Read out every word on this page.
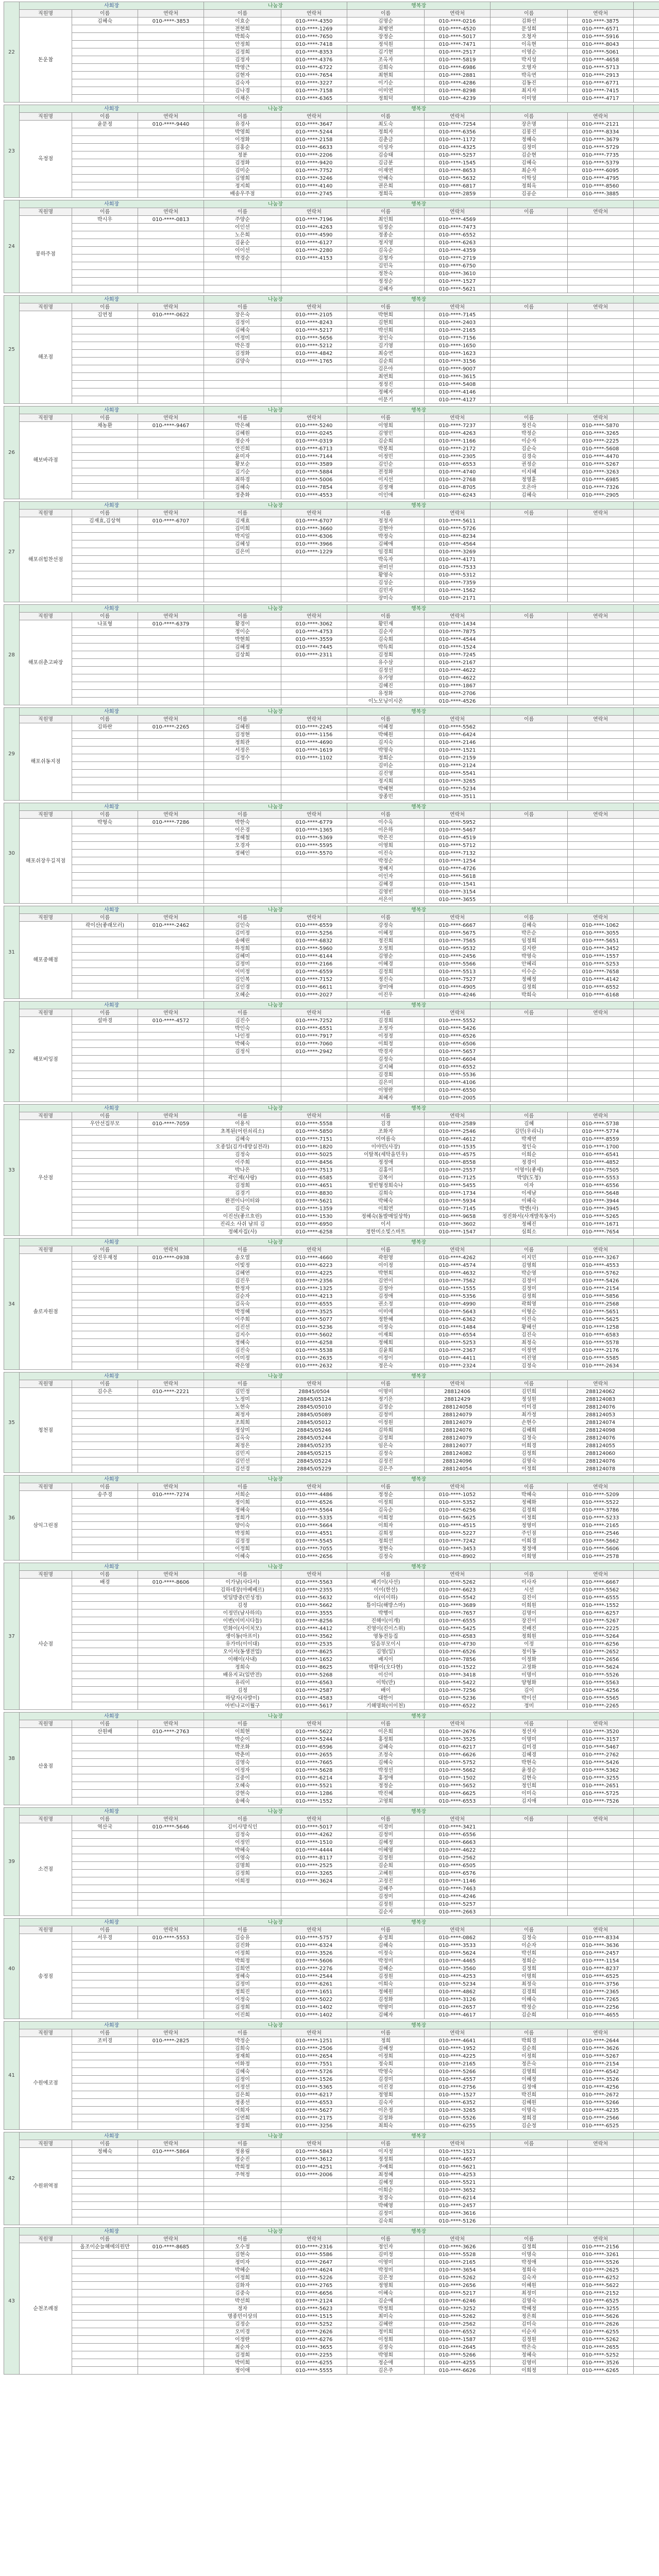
22	사회장			나눔장		행복장					
	직원명	이름	연락처	이름	연락처	이름	연락처	이름	연락처		
	돈운참	김혜숙	010-****-3853	이효순	010-****-4350	김명순	010-****-0216	김화선	010-****-3875		
				전현희	010-****-1269	최병연	010-****-4520	문성희	010-****-6571		
				박희숙	010-****-7650	장정순	010-****-5017	오청자	010-****-5916		
				안정희	010-****-7418	정석원	010-****-7471	이옥현	010-****-8043		
				김정희	010-****-8353	김기현	010-****-2517	이영순	010-****-5061		
				김정자	010-****-4376	조옥자	010-****-5819	박지성	010-****-4658		
				박영근	010-****-6722	김희숙	010-****-6986	오영자	010-****-5713		
				김현자	010-****-7654	최현희	010-****-2881	박옥연	010-****-2913		
				김숙자	010-****-3227	이기순	010-****-4286	김동진	010-****-6771		
				김나경	010-****-7158	이미연	010-****-8298	최지자	010-****-7415		
				이채은	010-****-6365	정희덕	010-****-4239	이미영	010-****-4717		
23	사회장			나눔장		행복장					
	직원명	이름	연락처	이름	연락처	이름	연락처	이름	연락처		
	옥정점	윤문정	010-****-9440	유경사	010-****-3647	최도숙	010-****-7254	장은명	010-****-2121		
				박영희	010-****-5244	정희자	010-****-6356	김봉진	010-****-8334		
				이정화	010-****-2158	김춘금	010-****-1172	정혜숙	010-****-3679		
				김홍순	010-****-6633	이성자	010-****-4325	김정미	010-****-5729		
				정분	010-****-2206	김승태	010-****-5257	김순현	010-****-7735		
				김정화	010-****-9420	김금분	010-****-1545	김혜숙	010-****-5379		
				김미순	010-****-7752	이재연	010-****-8653	최순자	010-****-6095		
				김영희	010-****-3246	안혜숙	010-****-5632	이학성	010-****-4795		
				정지희	010-****-4140	권은희	010-****-6817	정희옥	010-****-8560		
				배송우주점	010-****-2745	정희옥	010-****-2859	김공순	010-****-3885		
24	사회장			나눔장		행복장					
	직원명	이름	연락처	이름	연락처	이름	연락처	이름	연락처		
	봉하주점	박시우	010-****-0813	주양순	010-****-7196	최인희	010-****-4569				
				이인선	010-****-4263	임정순	010-****-7473				
				노은희	010-****-4590	정종순	010-****-6552				
				김윤순	010-****-6127	정지영	010-****-6263				
				이이선	010-****-2280	김옥순	010-****-4359				
				박경순	010-****-4153	김청자	010-****-2719				
						김민옥	010-****-6750				
						정찬숙	010-****-3610				
						정정순	010-****-1527				
						김혜자	010-****-5621				
25	사회장			나눔장		행복장					
	직원명	이름	연락처	이름	연락처	이름	연락처	이름	연락처		
	해조점	김연정	010-****-0622	장은숙	010-****-2105	박현희	010-****-7145				
				김정이	010-****-8243	김현희	010-****-2403				
				김혜숙	010-****-5217	박선희	010-****-2165				
				이정미	010-****-5656	정인숙	010-****-7156				
				박은경	010-****-5212	김기영	010-****-1650				
				김정화	010-****-4842	최승연	010-****-1623				
				김양숙	010-****-1765	김순희	010-****-3156				
						김은아	010-****-9007				
						최연희	010-****-3615				
						정정진	010-****-5408				
						정혜자	010-****-4146				
						이문기	010-****-4127				
26	사회장			나눔장		행복장					
	직원명	이름	연락처	이름	연락처	이름	연락처	이름	연락처		
	해보바라점	채농환	010-****-9467	박은혜	010-****-5240	이영희	010-****-7237	정진숙	010-****-5870		
				김혜원	010-****-0245	김영민	010-****-4263	박정순	010-****-3265		
				정순자	010-****-0319	김순희	010-****-1166	이순자	010-****-2225		
				안진희	010-****-6713	박봉희	010-****-2172	김순숙	010-****-5608		
				윤미자	010-****-7144	이정민	010-****-2305	김경숙	010-****-4470		
				황보순	010-****-3589	김인순	010-****-6553	권정순	010-****-5267		
				김기순	010-****-5884	전정화	010-****-4740	이지혜	010-****-3263		
				최하경	010-****-5006	이지선	010-****-2768	정영훈	010-****-6985		
				김혜숙	010-****-7854	김정재	010-****-8705	오은아	010-****-7326		
				정춘화	010-****-4553	이인애	010-****-6243	김혜숙	010-****-2905		
27	사회장			나눔장		행복장					
	직원명	이름	연락처	이름	연락처	이름	연락처	이름	연락처		
	해포쉬힘찬선점	김재효,김상혁	010-****-6707	김재효	010-****-6707	정정자	010-****-5611				
				김미희	010-****-3660	김현아	010-****-5726				
				박지일	010-****-6306	박정숙	010-****-8234				
				김혜성	010-****-3966	김혜애	010-****-4564				
				김은미	010-****-1229	임경희	010-****-3269				
						박옥자	010-****-4171				
						권미선	010-****-7533				
						황영숙	010-****-5312				
						김성순	010-****-7359				
						김민자	010-****-1562				
						장미숙	010-****-2171				
28	사회장			나눔장		행복장					
	직원명	이름	연락처	이름	연락처	이름	연락처	이름	연락처		
	해포쉬춘고파장	나표형	010-****-6379	황경이	010-****-3062	황민재	010-****-1434				
				정이순	010-****-4753	김순자	010-****-7875				
				박현희	010-****-3559	김숙희	010-****-4544				
				김혜정	010-****-7445	박득희	010-****-1524				
				김상희	010-****-2311	김정희	010-****-7245				
						유수삼	010-****-2167				
						김정선	010-****-4622				
						유가영	010-****-4622				
						김혜진	010-****-1867				
						유정화	010-****-2706				
						이노모닝이시온	010-****-4526				
29	사회장			나눔장		행복장					
	직원명	이름	연락처	이름	연락처	이름	연락처	이름	연락처		
	해포쉬동지점	김하란	010-****-2265	김혜원	010-****-2245	이혜정	010-****-5562				
				김정현	010-****-1156	박혜원	010-****-6424				
				정희관	010-****-4690	김지숙	010-****-2146				
				서정은	010-****-1619	박명숙	010-****-1521				
				김정수	010-****-1102	정희순	010-****-2159				
						김미순	010-****-2124				
						김진영	010-****-5541				
						정지희	010-****-3265				
						박혜현	010-****-5234				
						장종민	010-****-3511				
30	사회장			나눔장		행복장					
	직원명	이름	연락처	이름	연락처	이름	연락처	이름	연락처		
	해포쉬장우길직점	박형숙	010-****-7286	박한숙	010-****-6779	이수옥	010-****-5952				
				이은경	010-****-1365	이은하	010-****-5467				
				정헤철	010-****-5369	박은진	010-****-4519				
				오경자	010-****-5595	이영희	010-****-5712				
				정혜인	010-****-5570	이진숙	010-****-7132				
						박정순	010-****-1254				
						정혜지	010-****-4726				
						이인자	010-****-5618				
						김혜경	010-****-1541				
						김영빈	010-****-3154				
						서은이	010-****-3655				
31	사회장			나눔장		행복장					
	직원명	이름	연락처	이름	연락처	이름	연락처	이름	연락처		
	해포중해점	곽이산(좋래모러)	010-****-2462	김인숙	010-****-6559	강정숙	010-****-6667	김혜숙	010-****-1062		
				김미정	010-****-5256	이혜정	010-****-5675	박은순	010-****-3055		
				송혜린	010-****-6832	정진희	010-****-7565	임정희	010-****-5651		
				하정희	010-****-5960	오정희	010-****-9532	김지란	010-****-3452		
				김혜미	010-****-6144	김영순	010-****-2456	박영숙	010-****-1557		
				김정미	010-****-2166	이혜경	010-****-5566	안혜리	010-****-5253		
				이미정	010-****-6559	김정희	010-****-5513	이수순	010-****-7658		
				김인복	010-****-7152	정진숙	010-****-7527	정혜정	010-****-4142		
				김인경	010-****-6611	장미애	010-****-4905	김정희	010-****-6552		
				오혜순	010-****-2027	이진우	010-****-4246	박희숙	010-****-6168		
32	사회장			나눔장		행복장					
	직원명	이름	연락처	이름	연락처	이름	연락처	이름	연락처		
	해포비잉점	설마경	010-****-4572	김진수	010-****-7252	김경희	010-****-5552				
				박인숙	010-****-6551	조정자	010-****-5426				
				나인정	010-****-7917	이정정	010-****-6526				
				박혜숙	010-****-7060	이희정	010-****-6506				
				김정식	010-****-2942	박경자	010-****-5657				
						김정숙	010-****-6604				
						김지혜	010-****-6552				
						김경희	010-****-5536				
						김은미	010-****-4106				
						이영란	010-****-6550				
						최혜자	010-****-2005				
33	사회장			나눔장		행복장					
	직원명	이름	연락처	이름	연락처	이름	연락처	이름	연락처		
	우산점	우안선집부모	010-****-7059	이용식	010-****-5558	김경	010-****-2589	김혜	010-****-5738		
				초복된(어린쇠리소)	010-****-5850	조화자	010-****-2546	김민(우리니)	010-****-5774		
				김혜숙	010-****-7151	이여름숙	010-****-4612	박제연	010-****-8559		
				오종일(김가네방실전라)	010-****-1820	이야민(사장)	010-****-1535	정인숙	010-****-1700		
				김정숙	010-****-5025	이탈복(세탁을민우)	010-****-4575	이희순	010-****-6541		
				이주희	010-****-8456	정정애	010-****-8558	정경이	010-****-4852		
				박나은	010-****-7513	김홍이	010-****-2557	이영이(좋세)	010-****-7505		
				곽인제(사랑)	010-****-6585	김복이	010-****-7125	박양(도청)	010-****-5553		
				김정희	010-****-4651	빌빈형정희숙나	010-****-5455	이자	010-****-6556		
				김경기	010-****-8830	김희숙	010-****-1734	이세남	010-****-5648		
				완전이나이터와	010-****-5621	박혜숙	010-****-5934	이혜숙	010-****-3944		
				김진숙	010-****-1359	이희연	010-****-7145	박엔(사)	010-****-3945		
				이진선(좋르흐린)	010-****-1530	정혜숙(돌발매일상학)	010-****-9658	정진화서(사개발목동자)	010-****-5265		
				진리소 사쉬 남의 김	010-****-6950	이서	010-****-3602	정혜진	010-****-1671		
				정혜자집(사)	010-****-6258	정한미소빛스마트	010-****-1547	심희소	010-****-7654		
34	사회장			나눔장		행복장					
	직원명	이름	연락처	이름	연락처	이름	연락처	이름	연락처		
	솔로자원점	상진우재정	010-****-0938	송오열	010-****-4660	곽원영	010-****-4262	이지민	010-****-3267		
				이빛정	010-****-6223	이이정	010-****-4574	김영희	010-****-4553		
				김혜연	010-****-4225	박현희	010-****-4632	박순영	010-****-5762		
				김진우	010-****-2356	김연이	010-****-7562	김정이	010-****-5426		
				한정자	010-****-1325	김정아	010-****-1555	김정미	010-****-2154		
				김순자	010-****-4213	김정애	010-****-5356	김정희	010-****-5856		
				김옥숙	010-****-6555	권소정	010-****-4990	곽희영	010-****-2568		
				박정혜	010-****-3525	이미애	010-****-5643	이형순	010-****-5651		
				이주희	010-****-5077	정한혜	010-****-6362	이진숙	010-****-5625		
				이진선	010-****-5236	이정숙	010-****-1484	황혜선	010-****-1258		
				김지수	010-****-5602	이재희	010-****-6554	김진숙	010-****-6583		
				정혜숙	010-****-6258	정혜희	010-****-5253	최정숙	010-****-5578		
				김진숙	010-****-5538	김윤희	010-****-2367	이정연	010-****-2176		
				이미정	010-****-2635	이정이	010-****-4411	이진영	010-****-5585		
				곽은영	010-****-2632	정은숙	010-****-2324	김정숙	010-****-2634		
35	사회장			나눔장		행복장					
	직원명	이름	연락처	이름	연락처	이름	연락처	이름	연락처		
	청천점	김수은	010-****-2221	김민정	28845/0504	이명미	28812406	김민희	288124062		
				노정미	28845/05124	정기은	28812429	정성원	288124083		
				노현숙	28845/05010	김정순	288124058	이미경	288124076		
				최정자	28845/05089	김정미	288124079	최가정	288124053		
				조희희	28845/05012	이정원	288124079	손현수	288124074		
				정상미	28845/05246	김하희	288124076	김혜희	288124098		
				김옥숙	28845/05244	김정희	288124079	김정숙	288124076		
				최정은	28845/05235	임은숙	288124077	이희경	288124055		
				김민지	28845/05215	김정숙	288124082	김정희	288124060		
				김민선	28845/05224	김정진	288124096	김영숙	288124076		
				김선경	28845/05229	김은주	288124054	이정희	288124078		
36	사회장			나눔장		행복장					
	직원명	이름	연락처	이름	연락처	이름	연락처	이름	연락처		
	삼익그린점	송주경	010-****-7274	서희순	010-****-4486	정정순	010-****-1052	박혜숙	010-****-5209		
				정이희	010-****-6526	이정희	010-****-5352	정혜화	010-****-5522		
				정혜숙	010-****-5564	김옥순	010-****-6256	김정희	010-****-3786		
				정희가	010-****-5335	이희정	010-****-5625	이정희	010-****-5233		
				양이숙	010-****-5664	이희자	010-****-4515	정영미	010-****-2165		
				박정희	010-****-4551	김희정	010-****-5227	주인점	010-****-2546		
				김정정	010-****-5545	정희선	010-****-7242	이희경	010-****-5662		
				이정희	010-****-7055	정현숙	010-****-3453	정정애	010-****-5606		
				이혜숙	010-****-2656	김정숙	010-****-8902	이희영	010-****-2578		
37	사회장			나눔장		행복장					
	직원명	이름	연락처	이름	연락처	이름	연락처	이름	연락처		
	사순점	배경	010-****-8606	이가남(사다서)	010-****-5563	배기이(사선)	010-****-5262	이사자	010-****-6667		
				김하네장(아베베르)	010-****-2355	이이(한선)	010-****-6623	시선	010-****-5562		
				빗딜방중(민성정)	010-****-5632	이(이이하)	010-****-5542	김진이	010-****-6555		
				김정	010-****-5662	틀이디(해방스마)	010-****-3689	이희원	010-****-1552		
				이정민(남사하의)	010-****-3555	박행이	010-****-7657	김명이	010-****-6257		
				이변(이미시다들)	010-****-8256	진해이(이개)	010-****-6555	장진이	010-****-5267		
				민화이(사이치모)	010-****-4412	진영이(진이스위)	010-****-5425	진배진	010-****-2225		
				생이동(아프이)	010-****-3562	영동전등집	010-****-6583	정희원	010-****-5264		
				유가미(이이대)	010-****-2535	일음부모이시	010-****-4730	이정	010-****-6256		
				오이서(동생전업)	010-****-8625	김영(일)	010-****-6526	정이동	010-****-2652		
				이해이(사내)	010-****-1652	배지이	010-****-7856	이정화	010-****-2656		
				정희숙	010-****-8625	박환이(오다현)	010-****-1522	고정화	010-****-5624		
				배유지교(일반전)	010-****-5268	이신이	010-****-3418	이명이	010-****-5526		
				유리이	010-****-6563	이학(만)	010-****-5422	양형화	010-****-5563		
				김정	010-****-2587	배이	010-****-7256	김이	010-****-4256		
				하당자(사발이)	010-****-4583	대한이	010-****-5236	박이선	010-****-5565		
				아빈나교이월구	010-****-5617	기해명화(이이천)	010-****-6522	정미	010-****-2265		
38	사회장			나눔장		행복장					
	직원명	이름	연락처	이름	연락처	이름	연락처	이름	연락처		
	산울점	산원배	010-****-2763	이희현	010-****-5622	이은희	010-****-2676	정선자	010-****-3520		
				박순이	010-****-5244	홍정희	010-****-3525	이명미	010-****-3157		
				박조화	010-****-6596	김혜숙	010-****-6217	김미경	010-****-5467		
				박춘미	010-****-2655	조정숙	010-****-6626	김혜경	010-****-2762		
				김영숙	010-****-7665	김혜숙	010-****-5752	박현숙	010-****-5426		
				이정자	010-****-5628	박정선	010-****-5662	윤정순	010-****-5362		
				김중이	010-****-6214	홍정애	010-****-1502	김현숙	010-****-3255		
				오혜숙	010-****-5521	정정순	010-****-5652	정인희	010-****-2651		
				강현숙	010-****-1286	박진혜	010-****-6625	이미숙	010-****-5725		
				송혜숙	010-****-1552	고영희	010-****-6553	김지애	010-****-7526		
39	사회장			나눔장		행복장					
	직원명	이름	연락처	이름	연락처	이름	연락처	이름	연락처		
	소견점	역산국	010-****-5646	김이사망식인	010-****-5017	이경미	010-****-3421				
				김정숙	010-****-4262	김정미	010-****-6556				
				이정민	010-****-1510	김혜정	010-****-6663				
				박혜숙	010-****-4444	이혜영	010-****-4622				
				이영숙	010-****-8117	김정원	010-****-2562				
				김명희	010-****-2525	김순희	010-****-6505				
				김정희	010-****-3265	고혜원	010-****-6576				
				이희정	010-****-3624	고정진	010-****-1146				
						김혜주	010-****-7463				
						김정미	010-****-4246				
						김정원	010-****-5257				
						김순자	010-****-2663				
40	사회장			나눔장		행복장					
	직원명	이름	연락처	이름	연락처	이름	연락처	이름	연락처		
	송정점	서우경	010-****-5553	김승유	010-****-5757	송정희	010-****-0862	김정숙	010-****-8334		
				김진화	010-****-6324	김혜숙	010-****-3533	이순자	010-****-3636		
				이정희	010-****-3526	이정숙	010-****-5624	박선희	010-****-2457		
				박희정	010-****-5606	박정미	010-****-4465	정희순	010-****-1154		
				김희연	010-****-2276	김혜순	010-****-3560	김정희	010-****-8237		
				정혜숙	010-****-2544	김정원	010-****-4253	이명희	010-****-6525		
				김정미	010-****-6261	이희숙	010-****-5234	최정숙	010-****-3756		
				정희진	010-****-1651	정혜원	010-****-4862	김경희	010-****-2365		
				이정숙	010-****-5022	김정화	010-****-3126	이혜숙	010-****-7265		
				김정희	010-****-1402	박영미	010-****-2657	박정순	010-****-2256		
				이진희	010-****-1402	김혜자	010-****-4617	김순희	010-****-4655		
41	사회장			나눔장		행복장					
	직원명	이름	연락처	이름	연락처	이름	연락처	이름	연락처		
	수원에코점	조미경	010-****-2825	박정순	010-****-1251	정희	010-****-4641	박희경	010-****-2644		
				김희숙	010-****-2506	김혜정	010-****-1952	김순희	010-****-3626		
				정재희	010-****-2654	이정희	010-****-4225	이정희	010-****-5267		
				이화정	010-****-7551	정숙희	010-****-2165	정은숙	010-****-2154		
				김혜숙	010-****-5726	박영숙	010-****-5266	김영희	010-****-6542		
				김정이	010-****-1526	김경미	010-****-4557	이혜정	010-****-3526		
				이정선	010-****-5365	이진경	010-****-2756	김정애	010-****-4256		
				김은희	010-****-6217	정영희	010-****-1527	박진희	010-****-2672		
				정종선	010-****-6553	김숙자	010-****-6352	김혜원	010-****-5266		
				이희자	010-****-5627	이은정	010-****-3265	이명숙	010-****-4235		
				김연희	010-****-2175	김정화	010-****-5526	정희경	010-****-2566		
				정경희	010-****-3256	최희숙	010-****-6255	김순정	010-****-6525		
42	사회장			나눔장		행복장					
	직원명	이름	연락처	이름	연락처	이름	연락처	이름	연락처		
	수원위역점	정혜숙	010-****-5864	정용림	010-****-5843	이지정	010-****-1521				
				정순진	010-****-3612	정정희	010-****-4657				
				박희정	010-****-4251	주예희	010-****-5621				
				주혁정	010-****-2006	최정혜	010-****-4253				
						김혜정	010-****-5521				
						이희순	010-****-3652				
						정경숙	010-****-6214				
						박혜영	010-****-2457				
						김정미	010-****-3616				
						김숙희	010-****-5126				
43	사회장			나눔장		행복장					
	직원명	이름	연락처	이름	연락처	이름	연락처	이름	연락처		
	순천조례점	올조이순늘해에의원만	010-****-8685	오수정	010-****-2316	정인자	010-****-3626	김정희	010-****-2156		
				김현숙	010-****-5586	김미정	010-****-5528	이명숙	010-****-3261		
				정미자	010-****-2647	이영미	010-****-2165	박정애	010-****-5526		
				박혜순	010-****-4624	박정미	010-****-3654	정희숙	010-****-2625		
				이정희	010-****-5226	김은정	010-****-5262	김숙자	010-****-6252		
				김화자	010-****-2765	정영희	010-****-2656	이혜원	010-****-5622		
				김중숙	010-****-6656	이혜숙	010-****-5217	최정미	010-****-2152		
				박선희	010-****-2124	김순애	010-****-6246	김영숙	010-****-6525		
				정자	010-****-5623	박정희	010-****-3252	박혜정	010-****-3255		
				명종민이상의	010-****-1515	최미숙	010-****-5262	정은희	010-****-5626		
				김정순	010-****-5252	김혜란	010-****-2562	김미숙	010-****-2626		
				오미경	010-****-2626	정미희	010-****-6552	이순자	010-****-6255		
				이정란	010-****-6276	이정희	010-****-1587	김정원	010-****-5262		
				최순자	010-****-3655	김정숙	010-****-2645	박은숙	010-****-2655		
				김정희	010-****-2255	박영희	010-****-5266	정혜숙	010-****-5252		
				박미희	010-****-6255	정순애	010-****-4255	김영미	010-****-3526		
				정이애	010-****-5555	김은주	010-****-6626	이희정	010-****-6265		
